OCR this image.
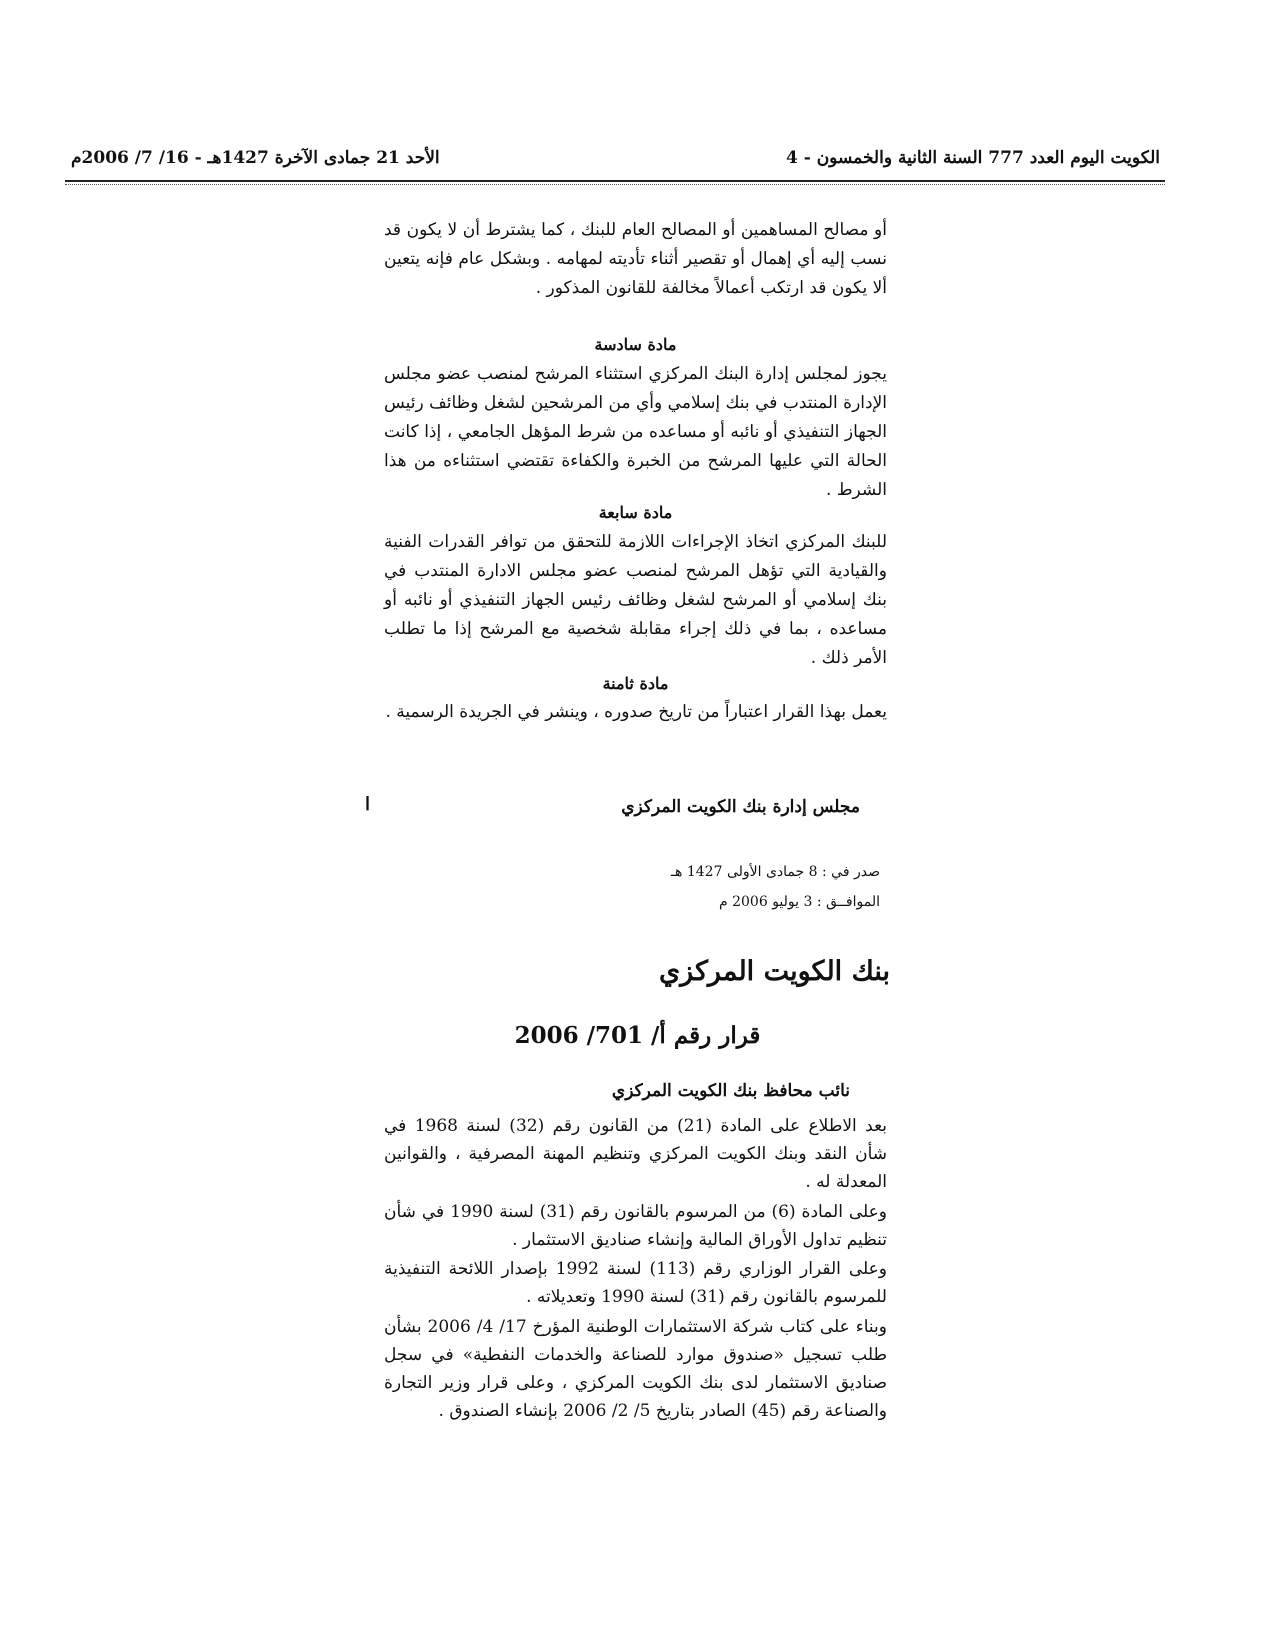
الكويت اليوم العدد 777 السنة الثانية والخمسون - 4
الأحد 21 جمادى الآخرة 1427هـ - 16/ 7/ 2006م
أو مصالح المساهمين أو المصالح العام للبنك ، كما يشترط أن لا يكون قد نسب إليه أي إهمال أو تقصير أثناء تأديته لمهامه . وبشكل عام فإنه يتعين ألا يكون قد ارتكب أعمالاً مخالفة للقانون المذكور .
مادة سادسة
يجوز لمجلس إدارة البنك المركزي استثناء المرشح لمنصب عضو مجلس الإدارة المنتدب في بنك إسلامي وأي من المرشحين لشغل وظائف رئيس الجهاز التنفيذي أو نائبه أو مساعده من شرط المؤهل الجامعي ، إذا كانت الحالة التي عليها المرشح من الخبرة والكفاءة تقتضي استثناءه من هذا الشرط .
مادة سابعة
للبنك المركزي اتخاذ الإجراءات اللازمة للتحقق من توافر القدرات الفنية والقيادية التي تؤهل المرشح لمنصب عضو مجلس الادارة المنتدب في بنك إسلامي أو المرشح لشغل وظائف رئيس الجهاز التنفيذي أو نائبه أو مساعده ، بما في ذلك إجراء مقابلة شخصية مع المرشح إذا ما تطلب الأمر ذلك .
مادة ثامنة
يعمل بهذا القرار اعتباراً من تاريخ صدوره ، وينشر في الجريدة الرسمية .
مجلس إدارة بنك الكويت المركزي
ا
صدر في : 8 جمادى الأولى 1427 هـ
الموافــق : 3 يوليو 2006 م
بنك الكويت المركزي
قرار رقم أ/ 701/ 2006
نائب محافظ بنك الكويت المركزي
بعد الاطلاع على المادة (21) من القانون رقم (32) لسنة 1968 في شأن النقد وبنك الكويت المركزي وتنظيم المهنة المصرفية ، والقوانين المعدلة له .
وعلى المادة (6) من المرسوم بالقانون رقم (31) لسنة 1990 في شأن تنظيم تداول الأوراق المالية وإنشاء صناديق الاستثمار .
وعلى القرار الوزاري رقم (113) لسنة 1992 بإصدار اللائحة التنفيذية للمرسوم بالقانون رقم (31) لسنة 1990 وتعديلاته .
وبناء على كتاب شركة الاستثمارات الوطنية المؤرخ 17/ 4/ 2006 بشأن طلب تسجيل «صندوق موارد للصناعة والخدمات النفطية» في سجل صناديق الاستثمار لدى بنك الكويت المركزي ، وعلى قرار وزير التجارة والصناعة رقم (45) الصادر بتاريخ 5/ 2/ 2006 بإنشاء الصندوق .
